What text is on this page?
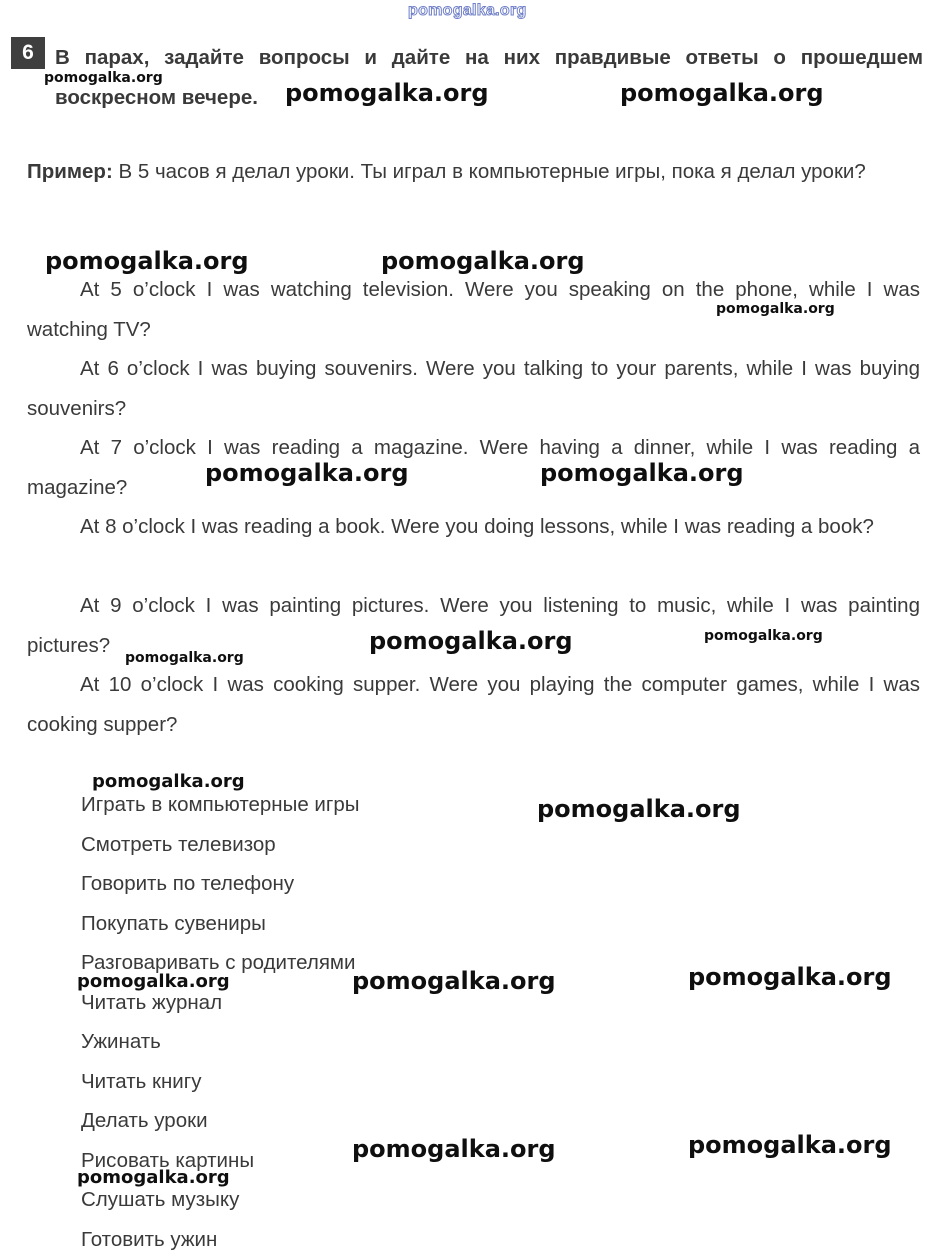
pomogalka.org
6	В парах, задайте вопросы и дайте на них правдивые ответы о прошедшем воскресном вечере.
Пример: В 5 часов я делал уроки. Ты играл в компьютерные игры, пока я делал уроки?
At 5 o’clock I was watching television. Were you speaking on the phone, while I was watching TV?
At 6 o’clock I was buying souvenirs. Were you talking to your parents, while I was buying souvenirs?
At 7 o’clock I was reading a magazine. Were having a dinner, while I was reading a magazine?
At 8 o’clock I was reading a book. Were you doing lessons, while I was reading a book?
At 9 o’clock I was painting pictures. Were you listening to music, while I was painting pictures?
At 10 o’clock I was cooking supper. Were you playing the computer games, while I was cooking supper?
Играть в компьютерные игры
Смотреть телевизор
Говорить по телефону
Покупать сувениры
Разговаривать с родителями
Читать журнал
Ужинать
Читать книгу
Делать уроки
Рисовать картины
Слушать музыку
Готовить ужин
pomogalka.org
pomogalka.org	pomogalka.org
pomogalka.org	pomogalka.org
pomogalka.org
pomogalka.org	pomogalka.org
pomogalka.org	pomogalka.org
pomogalka.org
pomogalka.org
pomogalka.org
pomogalka.org	pomogalka.org	pomogalka.org
pomogalka.org	pomogalka.org
pomogalka.org
